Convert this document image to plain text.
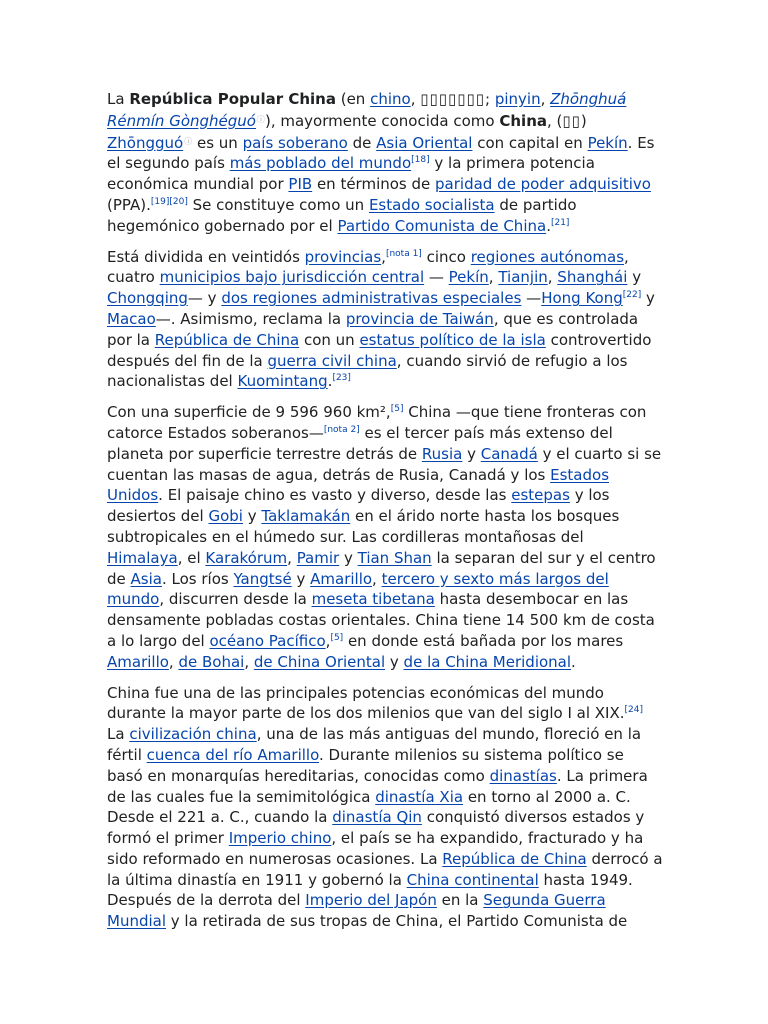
La República Popular China (en chino, ▯▯▯▯▯▯▯; pinyin, Zhōnghuá Rénmín Gònghéguóⓘ), mayormente conocida como China, (▯▯) Zhōngguóⓘ es un país soberano de Asia Oriental con capital en Pekín. Es el segundo país más poblado del mundo[18] y la primera potencia económica mundial por PIB en términos de paridad de poder adquisitivo (PPA).[19][20] Se constituye como un Estado socialista de partido hegemónico gobernado por el Partido Comunista de China.[21]

Está dividida en veintidós provincias,[nota 1] cinco regiones autónomas, cuatro municipios bajo jurisdicción central — Pekín, Tianjin, Shanghái y Chongqing— y dos regiones administrativas especiales —Hong Kong[22] y Macao—. Asimismo, reclama la provincia de Taiwán, que es controlada por la República de China con un estatus político de la isla controvertido después del fin de la guerra civil china, cuando sirvió de refugio a los nacionalistas del Kuomintang.[23]

Con una superficie de 9 596 960 km²,[5] China —que tiene fronteras con catorce Estados soberanos—[nota 2] es el tercer país más extenso del planeta por superficie terrestre detrás de Rusia y Canadá y el cuarto si se cuentan las masas de agua, detrás de Rusia, Canadá y los Estados Unidos. El paisaje chino es vasto y diverso, desde las estepas y los desiertos del Gobi y Taklamakán en el árido norte hasta los bosques subtropicales en el húmedo sur. Las cordilleras montañosas del Himalaya, el Karakórum, Pamir y Tian Shan la separan del sur y el centro de Asia. Los ríos Yangtsé y Amarillo, tercero y sexto más largos del mundo, discurren desde la meseta tibetana hasta desembocar en las densamente pobladas costas orientales. China tiene 14 500 km de costa a lo largo del océano Pacífico,[5] en donde está bañada por los mares Amarillo, de Bohai, de China Oriental y de la China Meridional.

China fue una de las principales potencias económicas del mundo durante la mayor parte de los dos milenios que van del siglo I al XIX.[24] La civilización china, una de las más antiguas del mundo, floreció en la fértil cuenca del río Amarillo. Durante milenios su sistema político se basó en monarquías hereditarias, conocidas como dinastías. La primera de las cuales fue la semimitológica dinastía Xia en torno al 2000 a. C. Desde el 221 a. C., cuando la dinastía Qin conquistó diversos estados y formó el primer Imperio chino, el país se ha expandido, fracturado y ha sido reformado en numerosas ocasiones. La República de China derrocó a la última dinastía en 1911 y gobernó la China continental hasta 1949. Después de la derrota del Imperio del Japón en la Segunda Guerra Mundial y la retirada de sus tropas de China, el Partido Comunista de
